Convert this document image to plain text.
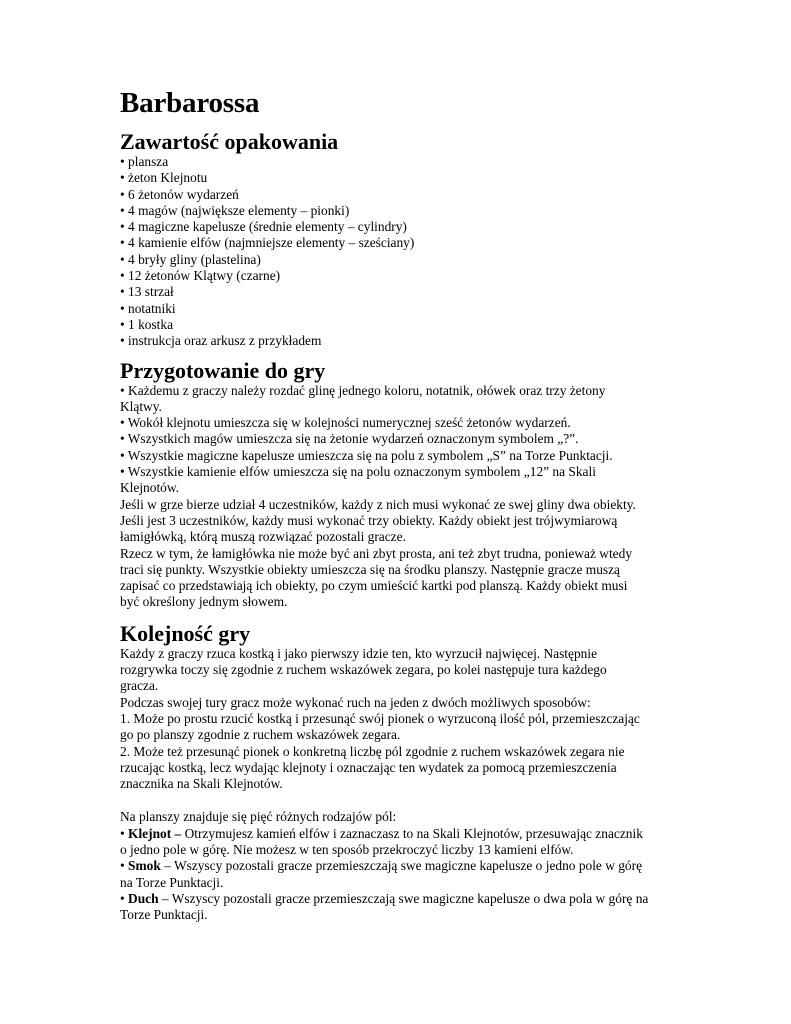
Barbarossa
Zawartość opakowania
• plansza
• żeton Klejnotu
• 6 żetonów wydarzeń
• 4 magów (największe elementy – pionki)
• 4 magiczne kapelusze (średnie elementy – cylindry)
• 4 kamienie elfów (najmniejsze elementy – sześciany)
• 4 bryły gliny (plastelina)
• 12 żetonów Klątwy (czarne)
• 13 strzał
• notatniki
• 1 kostka
• instrukcja oraz arkusz z przykładem
Przygotowanie do gry
• Każdemu z graczy należy rozdać glinę jednego koloru, notatnik, ołówek oraz trzy żetony
Klątwy.
• Wokół klejnotu umieszcza się w kolejności numerycznej sześć żetonów wydarzeń.
• Wszystkich magów umieszcza się na żetonie wydarzeń oznaczonym symbolem „?”.
• Wszystkie magiczne kapelusze umieszcza się na polu z symbolem „S” na Torze Punktacji.
• Wszystkie kamienie elfów umieszcza się na polu oznaczonym symbolem „12” na Skali
Klejnotów.
Jeśli w grze bierze udział 4 uczestników, każdy z nich musi wykonać ze swej gliny dwa obiekty.
Jeśli jest 3 uczestników, każdy musi wykonać trzy obiekty. Każdy obiekt jest trójwymiarową
łamigłówką, którą muszą rozwiązać pozostali gracze.
Rzecz w tym, że łamigłówka nie może być ani zbyt prosta, ani też zbyt trudna, ponieważ wtedy
traci się punkty. Wszystkie obiekty umieszcza się na środku planszy. Następnie gracze muszą
zapisać co przedstawiają ich obiekty, po czym umieścić kartki pod planszą. Każdy obiekt musi
być określony jednym słowem.
Kolejność gry
Każdy z graczy rzuca kostką i jako pierwszy idzie ten, kto wyrzucił najwięcej. Następnie
rozgrywka toczy się zgodnie z ruchem wskazówek zegara, po kolei następuje tura każdego
gracza.
Podczas swojej tury gracz może wykonać ruch na jeden z dwóch możliwych sposobów:
1. Może po prostu rzucić kostką i przesunąć swój pionek o wyrzuconą ilość pól, przemieszczając
go po planszy zgodnie z ruchem wskazówek zegara.
2. Może też przesunąć pionek o konkretną liczbę pól zgodnie z ruchem wskazówek zegara nie
rzucając kostką, lecz wydając klejnoty i oznaczając ten wydatek za pomocą przemieszczenia
znacznika na Skali Klejnotów.
Na planszy znajduje się pięć różnych rodzajów pól:
• Klejnot – Otrzymujesz kamień elfów i zaznaczasz to na Skali Klejnotów, przesuwając znacznik
o jedno pole w górę. Nie możesz w ten sposób przekroczyć liczby 13 kamieni elfów.
• Smok – Wszyscy pozostali gracze przemieszczają swe magiczne kapelusze o jedno pole w górę
na Torze Punktacji.
• Duch – Wszyscy pozostali gracze przemieszczają swe magiczne kapelusze o dwa pola w górę na
Torze Punktacji.
